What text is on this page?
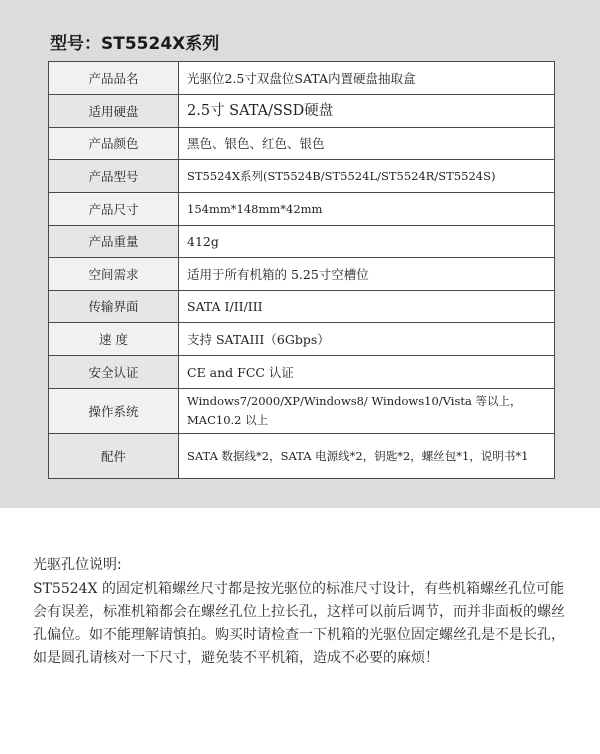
型号：ST5524X系列
产品品名	光驱位2.5寸双盘位SATA内置硬盘抽取盒
适用硬盘	2.5寸 SATA/SSD硬盘
产品颜色	黑色、银色、红色、银色
产品型号	ST5524X系列(ST5524B/ST5524L/ST5524R/ST5524S)
产品尺寸	154mm*148mm*42mm
产品重量	412g
空间需求	适用于所有机箱的 5.25寸空槽位
传输界面	SATA I/II/III
速 度	支持 SATAIII（6Gbps）
安全认证	CE and FCC 认证
操作系统	Windows7/2000/XP/Windows8/ Windows10/Vista 等以上，MAC10.2 以上
配件	SATA 数据线*2，SATA 电源线*2，钥匙*2，螺丝包*1，说明书*1
光驱孔位说明:
ST5524X 的固定机箱螺丝尺寸都是按光驱位的标准尺寸设计，有些机箱螺丝孔位可能会有误差，标准机箱都会在螺丝孔位上拉长孔，这样可以前后调节，而并非面板的螺丝孔偏位。如不能理解请慎拍。购买时请检查一下机箱的光驱位固定螺丝孔是不是长孔，如是圆孔请核对一下尺寸，避免装不平机箱，造成不必要的麻烦！
